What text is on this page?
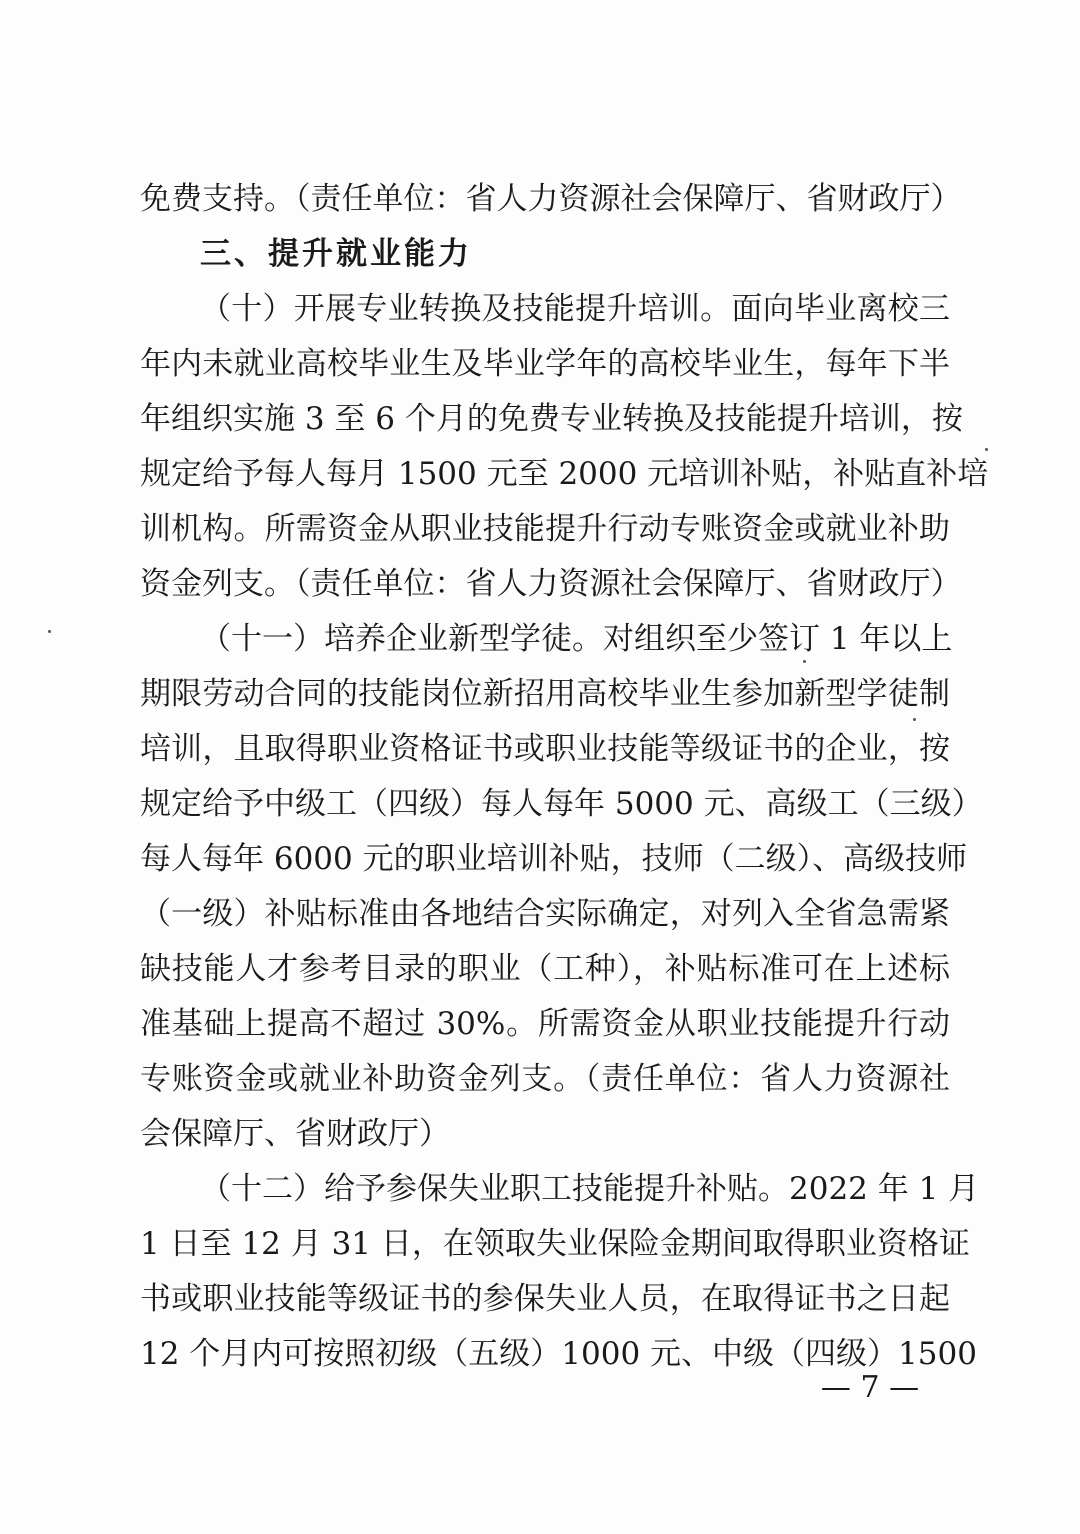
免费支持。（责任单位：省人力资源社会保障厅、省财政厅）
三、提升就业能力
（十）开展专业转换及技能提升培训。面向毕业离校三
年内未就业高校毕业生及毕业学年的高校毕业生，每年下半
年组织实施 3 至 6 个月的免费专业转换及技能提升培训，按
规定给予每人每月 1500 元至 2000 元培训补贴，补贴直补培
训机构。所需资金从职业技能提升行动专账资金或就业补助
资金列支。（责任单位：省人力资源社会保障厅、省财政厅）
（十一）培养企业新型学徒。对组织至少签订 1 年以上
期限劳动合同的技能岗位新招用高校毕业生参加新型学徒制
培训，且取得职业资格证书或职业技能等级证书的企业，按
规定给予中级工（四级）每人每年 5000 元、高级工（三级）
每人每年 6000 元的职业培训补贴，技师（二级）、高级技师
（一级）补贴标准由各地结合实际确定，对列入全省急需紧
缺技能人才参考目录的职业（工种），补贴标准可在上述标
准基础上提高不超过 30%。所需资金从职业技能提升行动
专账资金或就业补助资金列支。（责任单位：省人力资源社
会保障厅、省财政厅）
（十二）给予参保失业职工技能提升补贴。2022 年 1 月
1 日至 12 月 31 日，在领取失业保险金期间取得职业资格证
书或职业技能等级证书的参保失业人员，在取得证书之日起
12 个月内可按照初级（五级）1000 元、中级（四级）1500
— 7 —
